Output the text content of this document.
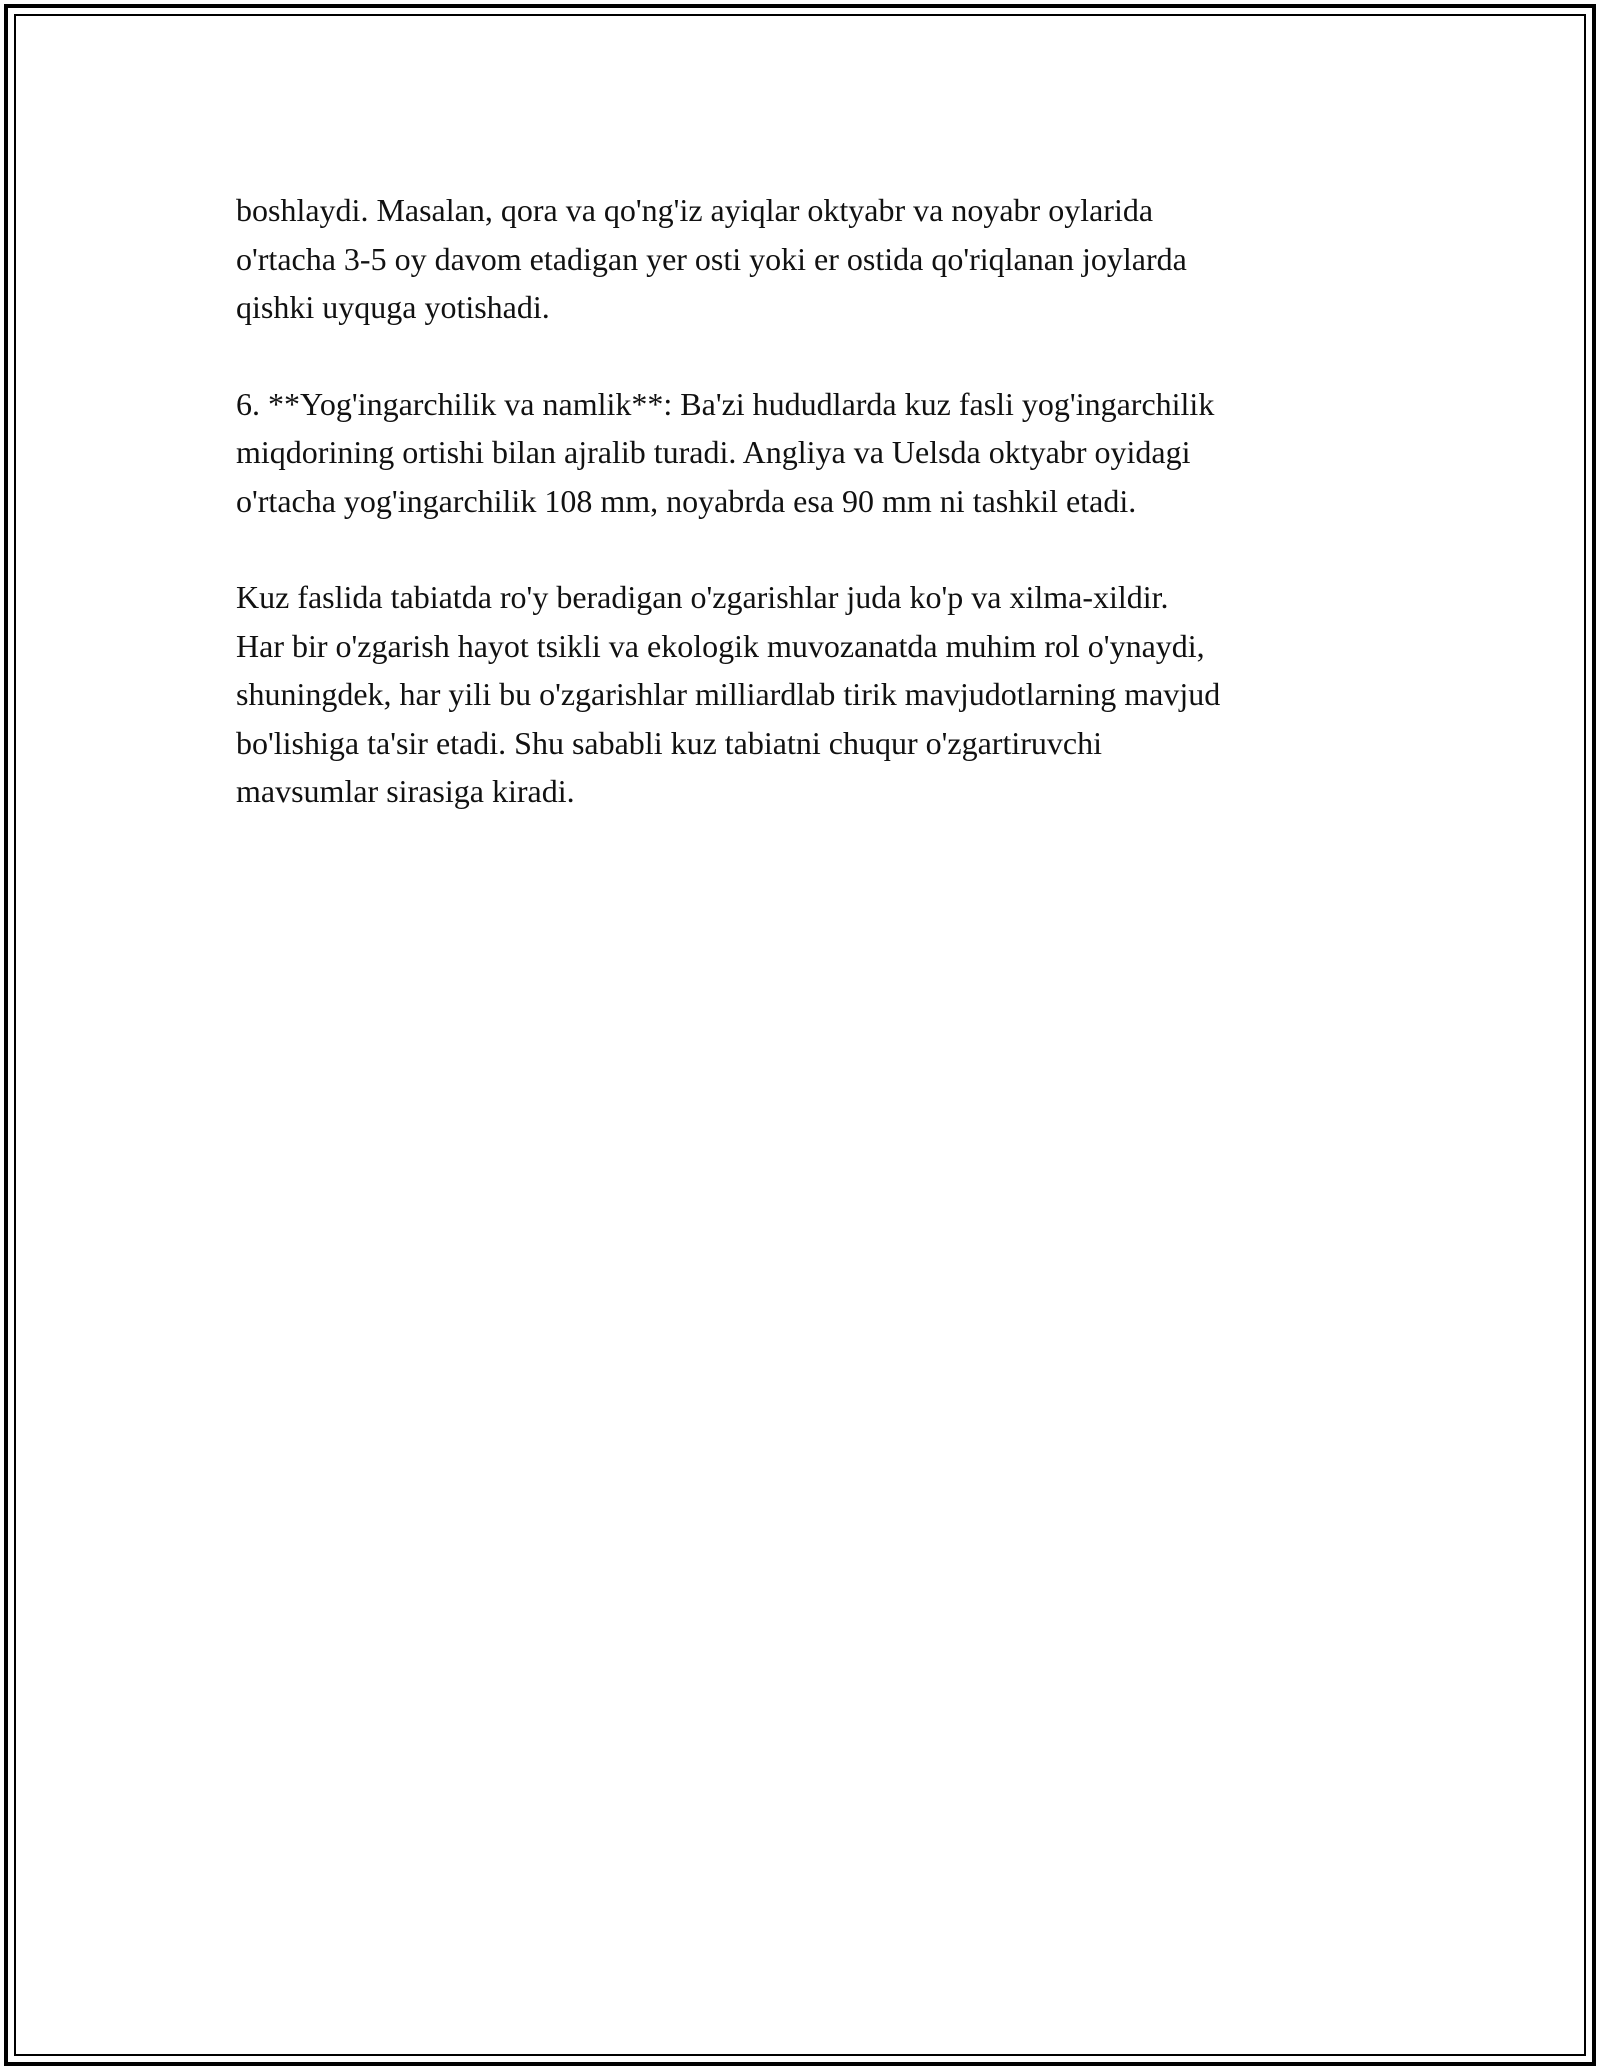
boshlaydi. Masalan, qora va qo'ng'iz ayiqlar oktyabr va noyabr oylarida
o'rtacha 3-5 oy davom etadigan yer osti yoki er ostida qo'riqlanan joylarda
qishki uyquga yotishadi.

6. **Yog'ingarchilik va namlik**: Ba'zi hududlarda kuz fasli yog'ingarchilik
miqdorining ortishi bilan ajralib turadi. Angliya va Uelsda oktyabr oyidagi
o'rtacha yog'ingarchilik 108 mm, noyabrda esa 90 mm ni tashkil etadi.

Kuz faslida tabiatda ro'y beradigan o'zgarishlar juda ko'p va xilma-xildir.
Har bir o'zgarish hayot tsikli va ekologik muvozanatda muhim rol o'ynaydi,
shuningdek, har yili bu o'zgarishlar milliardlab tirik mavjudotlarning mavjud
bo'lishiga ta'sir etadi. Shu sababli kuz tabiatni chuqur o'zgartiruvchi
mavsumlar sirasiga kiradi.
